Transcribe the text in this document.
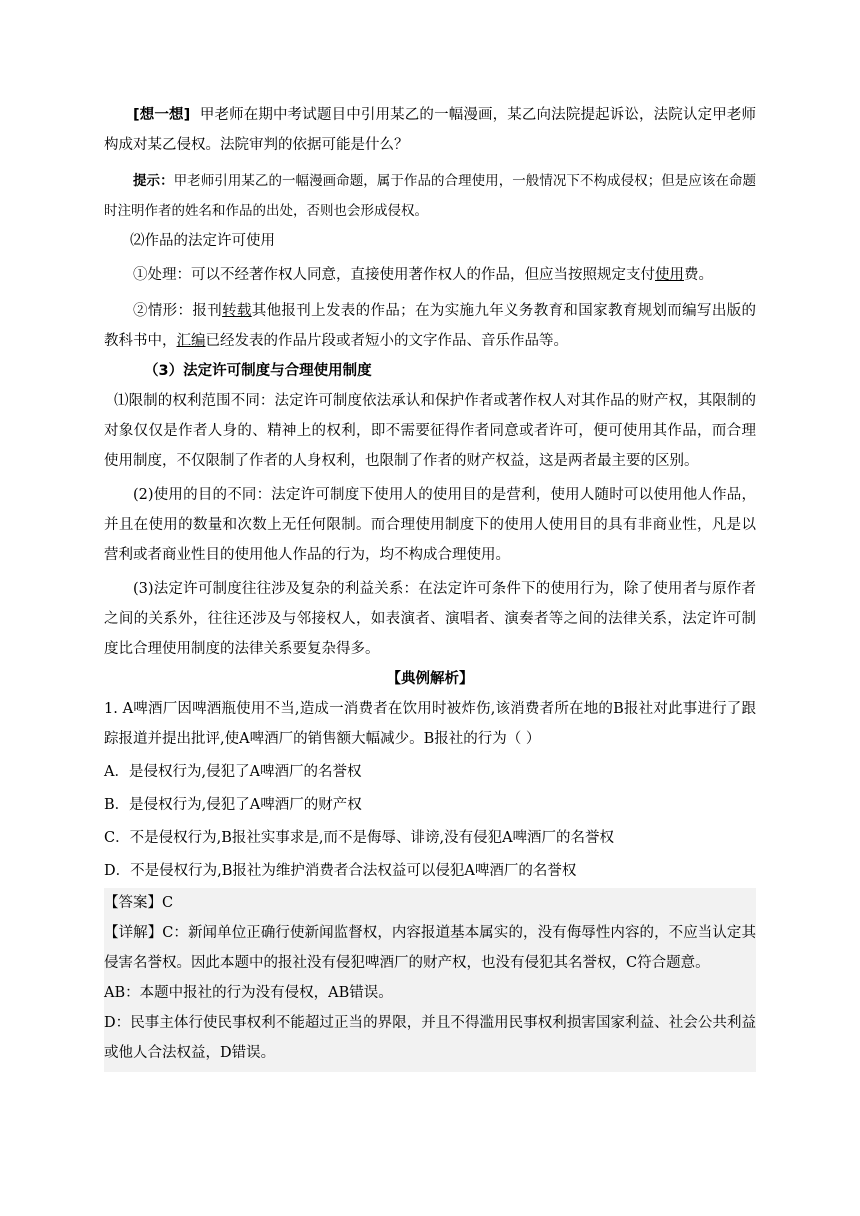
[想一想] 甲老师在期中考试题目中引用某乙的一幅漫画，某乙向法院提起诉讼，法院认定甲老师构成对某乙侵权。法院审判的依据可能是什么？

提示：甲老师引用某乙的一幅漫画命题，属于作品的合理使用，一般情况下不构成侵权；但是应该在命题时注明作者的姓名和作品的出处，否则也会形成侵权。

⑵作品的法定许可使用

①处理：可以不经著作权人同意，直接使用著作权人的作品，但应当按照规定支付使用费。

②情形：报刊转载其他报刊上发表的作品；在为实施九年义务教育和国家教育规划而编写出版的教科书中，汇编已经发表的作品片段或者短小的文字作品、音乐作品等。

（3）法定许可制度与合理使用制度

⑴限制的权利范围不同：法定许可制度依法承认和保护作者或著作权人对其作品的财产权，其限制的对象仅仅是作者人身的、精神上的权利，即不需要征得作者同意或者许可，便可使用其作品，而合理使用制度，不仅限制了作者的人身权利，也限制了作者的财产权益，这是两者最主要的区别。

(2)使用的目的不同：法定许可制度下使用人的使用目的是营利，使用人随时可以使用他人作品，并且在使用的数量和次数上无任何限制。而合理使用制度下的使用人使用目的具有非商业性，凡是以营利或者商业性目的使用他人作品的行为，均不构成合理使用。

(3)法定许可制度往往涉及复杂的利益关系：在法定许可条件下的使用行为，除了使用者与原作者之间的关系外，往往还涉及与邻接权人，如表演者、演唱者、演奏者等之间的法律关系，法定许可制度比合理使用制度的法律关系要复杂得多。

【典例解析】

1. A啤酒厂因啤酒瓶使用不当,造成一消费者在饮用时被炸伤,该消费者所在地的B报社对此事进行了跟踪报道并提出批评,使A啤酒厂的销售额大幅减少。B报社的行为（ ）

A．是侵权行为,侵犯了A啤酒厂的名誉权

B．是侵权行为,侵犯了A啤酒厂的财产权

C．不是侵权行为,B报社实事求是,而不是侮辱、诽谤,没有侵犯A啤酒厂的名誉权

D．不是侵权行为,B报社为维护消费者合法权益可以侵犯A啤酒厂的名誉权

【答案】C

【详解】C：新闻单位正确行使新闻监督权，内容报道基本属实的，没有侮辱性内容的，不应当认定其侵害名誉权。因此本题中的报社没有侵犯啤酒厂的财产权，也没有侵犯其名誉权，C符合题意。

AB：本题中报社的行为没有侵权，AB错误。

D：民事主体行使民事权利不能超过正当的界限，并且不得滥用民事权利损害国家利益、社会公共利益或他人合法权益，D错误。
